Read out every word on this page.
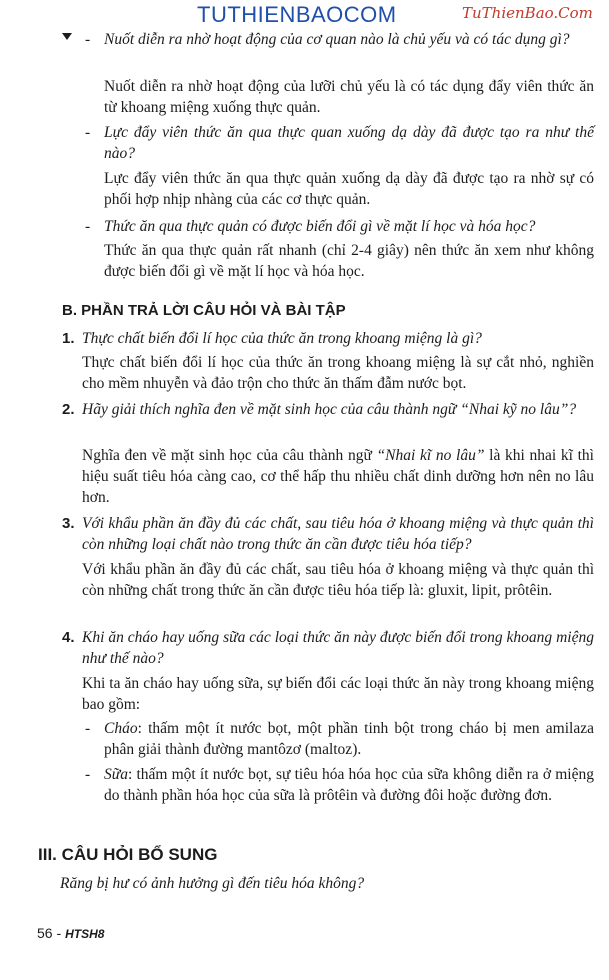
TUTHIENBAOCOM	TuThienBao.Com

- Nuốt diễn ra nhờ hoạt động của cơ quan nào là chủ yếu và có tác dụng gì?

Nuốt diễn ra nhờ hoạt động của lưỡi chủ yếu là có tác dụng đẩy viên thức ăn từ khoang miệng xuống thực quản.

- Lực đẩy viên thức ăn qua thực quan xuống dạ dày đã được tạo ra như thế nào?

Lực đẩy viên thức ăn qua thực quản xuống dạ dày đã được tạo ra nhờ sự có phối hợp nhịp nhàng của các cơ thực quản.

- Thức ăn qua thực quản có được biến đổi gì về mặt lí học và hóa học?

Thức ăn qua thực quản rất nhanh (chỉ 2-4 giây) nên thức ăn xem như không được biến đổi gì về mặt lí học và hóa học.

B. PHẦN TRẢ LỜI CÂU HỎI VÀ BÀI TẬP

1. Thực chất biến đổi lí học của thức ăn trong khoang miệng là gì?

Thực chất biến đổi lí học của thức ăn trong khoang miệng là sự cắt nhỏ, nghiền cho mềm nhuyễn và đảo trộn cho thức ăn thấm đẫm nước bọt.

2. Hãy giải thích nghĩa đen về mặt sinh học của câu thành ngữ “Nhai kỹ no lâu”?

Nghĩa đen về mặt sinh học của câu thành ngữ “Nhai kĩ no lâu” là khi nhai kĩ thì hiệu suất tiêu hóa càng cao, cơ thể hấp thu nhiều chất dinh dưỡng hơn nên no lâu hơn.

3. Với khẩu phần ăn đầy đủ các chất, sau tiêu hóa ở khoang miệng và thực quản thì còn những loại chất nào trong thức ăn cần được tiêu hóa tiếp?

Với khẩu phần ăn đầy đủ các chất, sau tiêu hóa ở khoang miệng và thực quản thì còn những chất trong thức ăn cần được tiêu hóa tiếp là: gluxit, lipit, prôtêin.

4. Khi ăn cháo hay uống sữa các loại thức ăn này được biến đổi trong khoang miệng như thế nào?

Khi ta ăn cháo hay uống sữa, sự biến đổi các loại thức ăn này trong khoang miệng bao gồm:

- Cháo: thấm một ít nước bọt, một phần tinh bột trong cháo bị men amilaza phân giải thành đường mantôzơ (maltoz).

- Sữa: thấm một ít nước bọt, sự tiêu hóa hóa học của sữa không diễn ra ở miệng do thành phần hóa học của sữa là prôtêin và đường đôi hoặc đường đơn.

III. CÂU HỎI BỔ SUNG

Răng bị hư có ảnh hưởng gì đến tiêu hóa không?

56 - HTSH8
